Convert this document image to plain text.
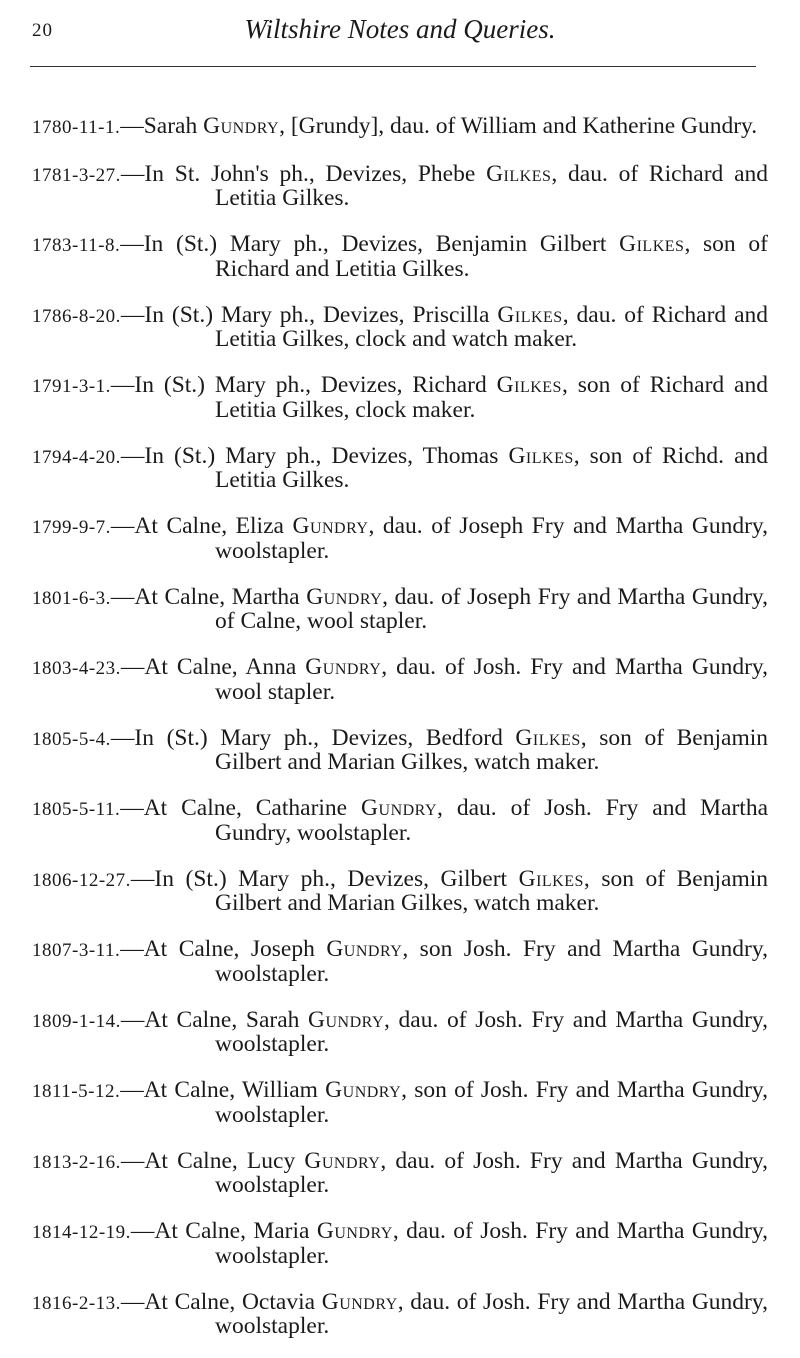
20	Wiltshire Notes and Queries.

1780-11-1.—Sarah Gundry, [Grundy], dau. of William and Katherine Gundry.

1781-3-27.—In St. John's ph., Devizes, Phebe Gilkes, dau. of Richard and Letitia Gilkes.

1783-11-8.—In (St.) Mary ph., Devizes, Benjamin Gilbert Gilkes, son of Richard and Letitia Gilkes.

1786-8-20.—In (St.) Mary ph., Devizes, Priscilla Gilkes, dau. of Richard and Letitia Gilkes, clock and watch maker.

1791-3-1.—In (St.) Mary ph., Devizes, Richard Gilkes, son of Richard and Letitia Gilkes, clock maker.

1794-4-20.—In (St.) Mary ph., Devizes, Thomas Gilkes, son of Richd. and Letitia Gilkes.

1799-9-7.—At Calne, Eliza Gundry, dau. of Joseph Fry and Martha Gundry, woolstapler.

1801-6-3.—At Calne, Martha Gundry, dau. of Joseph Fry and Martha Gundry, of Calne, wool stapler.

1803-4-23.—At Calne, Anna Gundry, dau. of Josh. Fry and Martha Gundry, wool stapler.

1805-5-4.—In (St.) Mary ph., Devizes, Bedford Gilkes, son of Benjamin Gilbert and Marian Gilkes, watch maker.

1805-5-11.—At Calne, Catharine Gundry, dau. of Josh. Fry and Martha Gundry, woolstapler.

1806-12-27.—In (St.) Mary ph., Devizes, Gilbert Gilkes, son of Benjamin Gilbert and Marian Gilkes, watch maker.

1807-3-11.—At Calne, Joseph Gundry, son Josh. Fry and Martha Gundry, woolstapler.

1809-1-14.—At Calne, Sarah Gundry, dau. of Josh. Fry and Martha Gundry, woolstapler.

1811-5-12.—At Calne, William Gundry, son of Josh. Fry and Martha Gundry, woolstapler.

1813-2-16.—At Calne, Lucy Gundry, dau. of Josh. Fry and Martha Gundry, woolstapler.

1814-12-19.—At Calne, Maria Gundry, dau. of Josh. Fry and Martha Gundry, woolstapler.

1816-2-13.—At Calne, Octavia Gundry, dau. of Josh. Fry and Martha Gundry, woolstapler.
